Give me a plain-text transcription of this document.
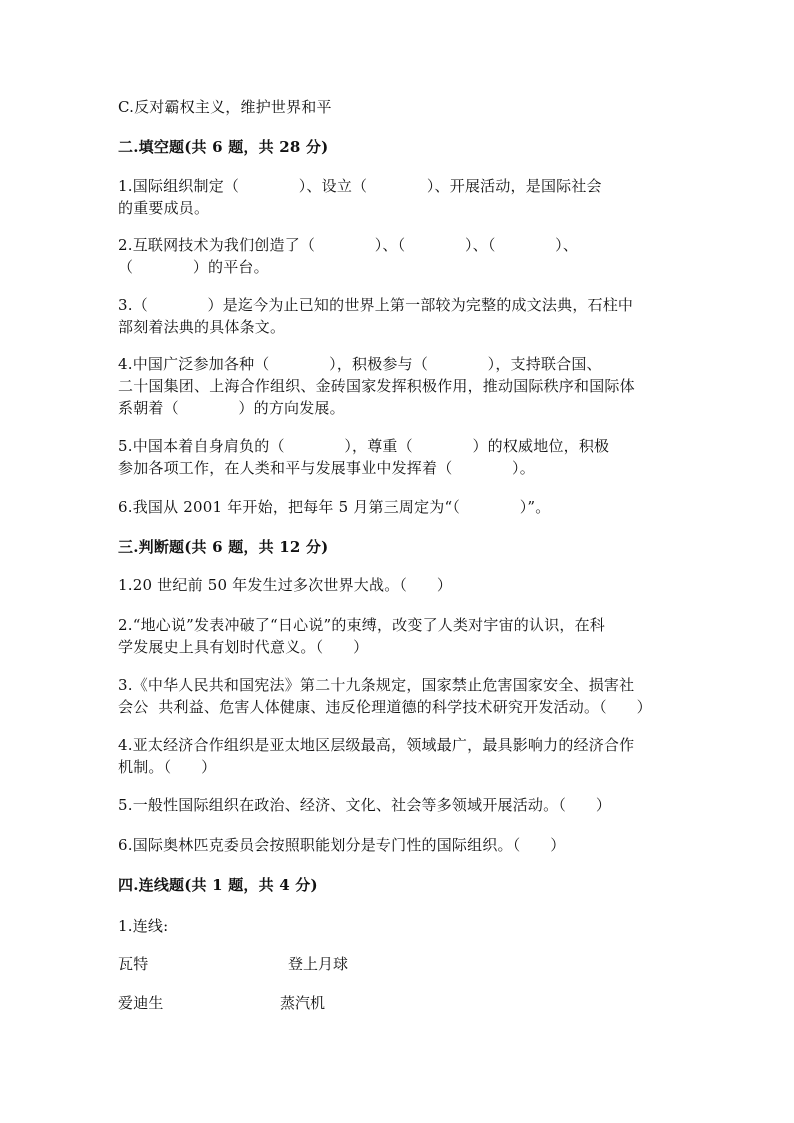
C.反对霸权主义，维护世界和平
二.填空题(共 6 题，共 28 分)
1.国际组织制定（            ）、设立（            ）、开展活动，是国际社会
的重要成员。
2.互联网技术为我们创造了（            ）、（            ）、（            ）、
（            ）的平台。
3.（            ）是迄今为止已知的世界上第一部较为完整的成文法典，石柱中
部刻着法典的具体条文。
4.中国广泛参加各种（            ），积极参与（            ），支持联合国、
二十国集团、上海合作组织、金砖国家发挥积极作用，推动国际秩序和国际体
系朝着（            ）的方向发展。
5.中国本着自身肩负的（            ），尊重（            ）的权威地位，积极
参加各项工作，在人类和平与发展事业中发挥着（            ）。
6.我国从 2001 年开始，把每年 5 月第三周定为“（            ）”。
三.判断题(共 6 题，共 12 分)
1.20 世纪前 50 年发生过多次世界大战。（      ）
2.“地心说”发表冲破了“日心说”的束缚，改变了人类对宇宙的认识，在科
学发展史上具有划时代意义。（      ）
3.《中华人民共和国宪法》第二十九条规定，国家禁止危害国家安全、损害社
会公  共利益、危害人体健康、违反伦理道德的科学技术研究开发活动。（      ）
4.亚太经济合作组织是亚太地区层级最高，领域最广，最具影响力的经济合作
机制。（      ）
5.一般性国际组织在政治、经济、文化、社会等多领域开展活动。（      ）
6.国际奥林匹克委员会按照职能划分是专门性的国际组织。（      ）
四.连线题(共 1 题，共 4 分)
1.连线:
瓦特	登上月球
爱迪生	蒸汽机
